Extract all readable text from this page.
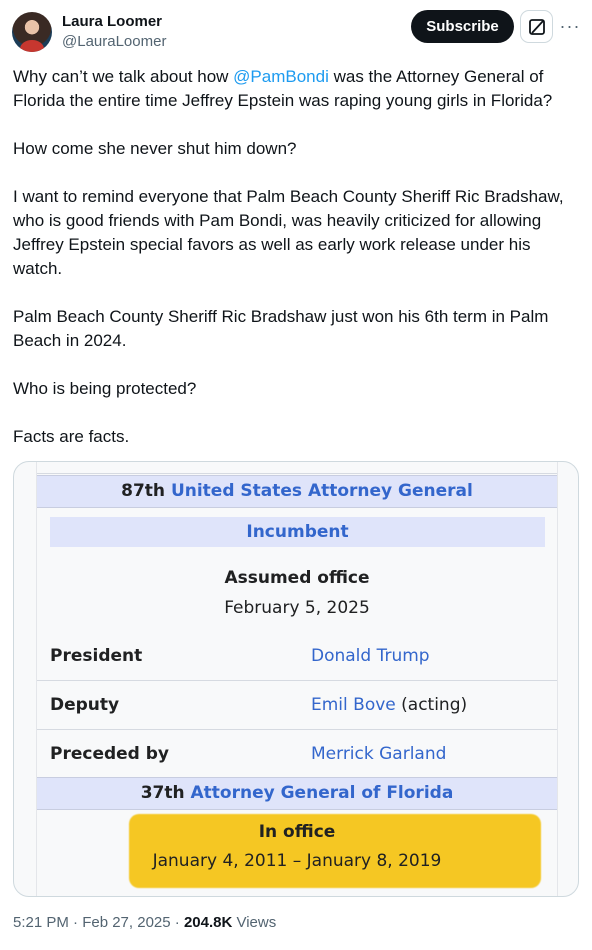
Laura Loomer
@LauraLoomer
Subscribe	···

Why can’t we talk about how @PamBondi was the Attorney General of Florida the entire time Jeffrey Epstein was raping young girls in Florida?

How come she never shut him down?

I want to remind everyone that Palm Beach County Sheriff Ric Bradshaw, who is good friends with Pam Bondi, was heavily criticized for allowing Jeffrey Epstein special favors as well as early work release under his watch.

Palm Beach County Sheriff Ric Bradshaw just won his 6th term in Palm Beach in 2024.

Who is being protected?

Facts are facts.

87th United States Attorney General
Incumbent
Assumed office
February 5, 2025
President	Donald Trump
Deputy	Emil Bove (acting)
Preceded by	Merrick Garland
37th Attorney General of Florida
In office
January 4, 2011 – January 8, 2019
5:21 PM · Feb 27, 2025 · 204.8K Views
